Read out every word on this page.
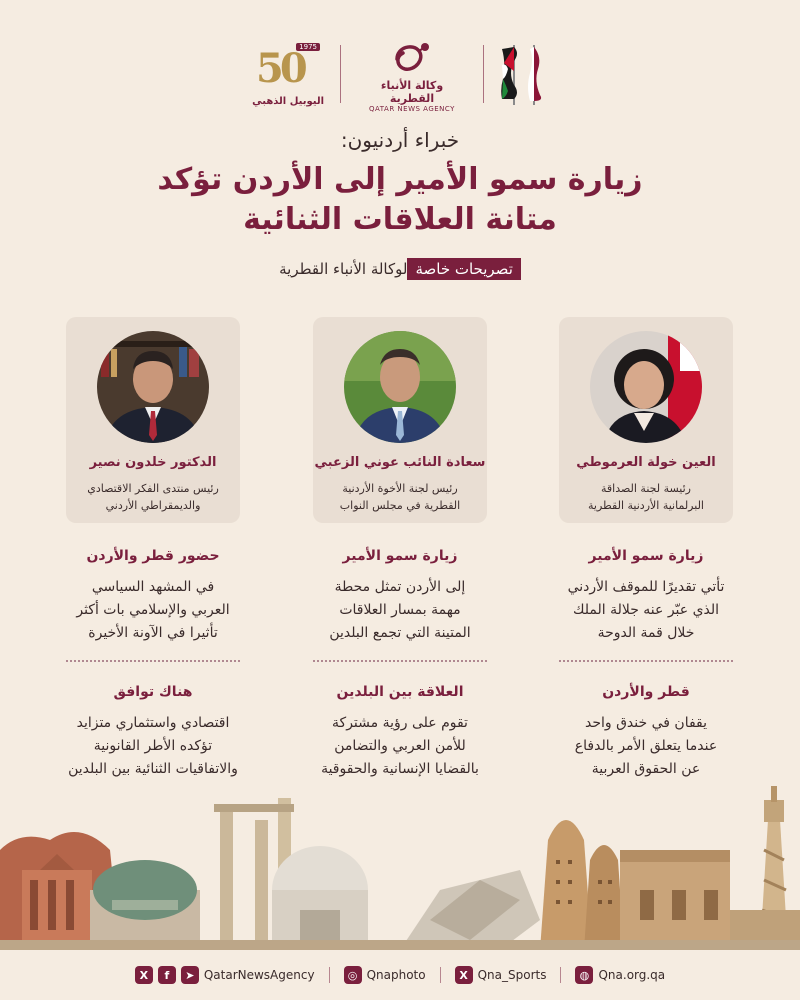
1975
50
اليوبيل الذهبي
وكالة الأنباء القطرية
QATAR NEWS AGENCY
خبراء أردنيون:
زيارة سمو الأمير إلى الأردن تؤكد
متانة العلاقات الثنائية
تصريحات خاصةلوكالة الأنباء القطرية
العين خولة العرموطي
رئيسة لجنة الصداقة
البرلمانية الأردنية القطرية
سعادة النائب عوني الزعبي
رئيس لجنة الأخوة الأردنية
القطرية في مجلس النواب
الدكتور خلدون نصير
رئيس منتدى الفكر الاقتصادي
والديمقراطي الأردني
زيارة سمو الأمير
تأتي تقديرًا للموقف الأردني
الذي عبّر عنه جلالة الملك
خلال قمة الدوحة
زيارة سمو الأمير
إلى الأردن تمثل محطة
مهمة بمسار العلاقات
المتينة التي تجمع البلدين
حضور قطر والأردن
في المشهد السياسي
العربي والإسلامي بات أكثر
تأثيرا في الآونة الأخيرة
قطر والأردن
يقفان في خندق واحد
عندما يتعلق الأمر بالدفاع
عن الحقوق العربية
العلاقة بين البلدين
تقوم على رؤية مشتركة
للأمن العربي والتضامن
بالقضايا الإنسانية والحقوقية
هناك توافق
اقتصادي واستثماري متزايد
تؤكده الأطر القانونية
والاتفاقيات الثنائية بين البلدين
X	f	➤ QatarNewsAgency	◎ Qnaphoto	X Qna_Sports	◍ Qna.org.qa
